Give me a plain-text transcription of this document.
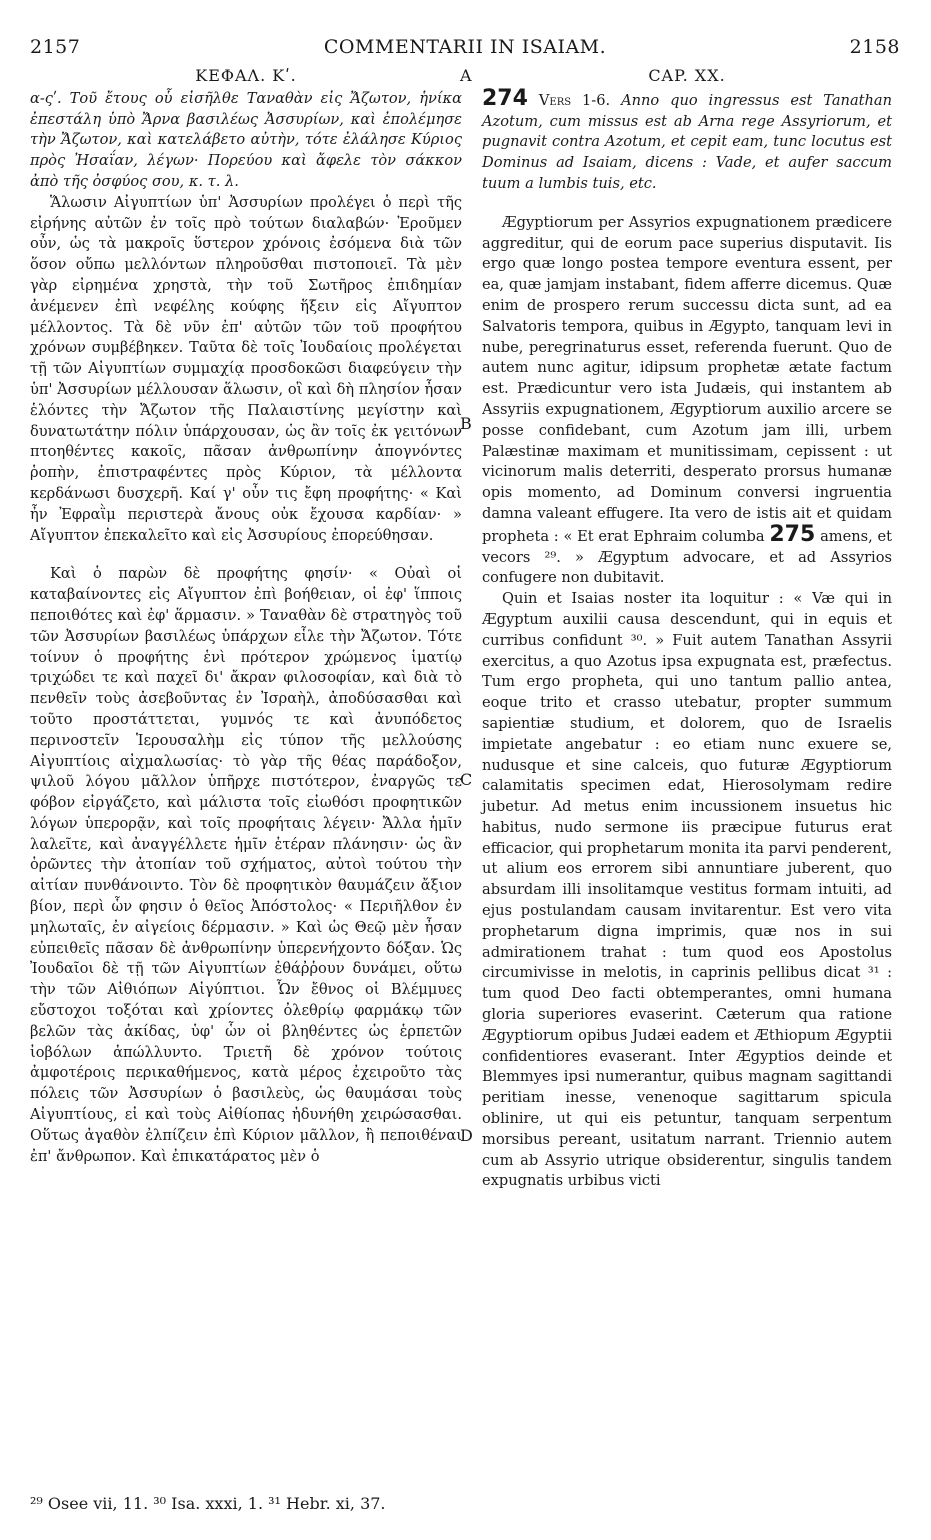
2157	COMMENTARII IN ISAIAM.	2158
ΚΕΦΑΛ. Κʹ.

α-ςʹ. Τοῦ ἔτους οὗ εἰσῆλθε Ταναθὰν εἰς Ἄζωτον, ἡνίκα ἐπεστάλη ὑπὸ Ἄρνα βασιλέως Ἀσσυρίων, καὶ ἐπολέμησε τὴν Ἄζωτον, καὶ κατελάβετο αὐτὴν, τότε ἐλάλησε Κύριος πρὸς Ἠσαΐαν, λέγων· Πορεύου καὶ ἄφελε τὸν σάκκον ἀπὸ τῆς ὀσφύος σου, κ. τ. λ.

Ἅλωσιν Αἰγυπτίων ὑπ' Ἀσσυρίων προλέγει ὁ περὶ τῆς εἰρήνης αὐτῶν ἐν τοῖς πρὸ τούτων διαλαβών· Ἐροῦμεν οὖν, ὡς τὰ μακροῖς ὕστερον χρόνοις ἐσόμενα διὰ τῶν ὅσον οὔπω μελλόντων πληροῦσθαι πιστοποιεῖ. Τὰ μὲν γὰρ εἰρημένα χρηστὰ, τὴν τοῦ Σωτῆρος ἐπιδημίαν ἀνέμενεν ἐπὶ νεφέλης κούφης ἥξειν εἰς Αἴγυπτον μέλλοντος. Τὰ δὲ νῦν ἐπ' αὐτῶν τῶν τοῦ προφήτου χρόνων συμβέβηκεν. Ταῦτα δὲ τοῖς Ἰουδαίοις προλέγεται τῇ τῶν Αἰγυπτίων συμμαχίᾳ προσδοκῶσι διαφεύγειν τὴν ὑπ' Ἀσσυρίων μέλλουσαν ἅλωσιν, οἳ καὶ δὴ πλησίον ἦσαν ἑλόντες τὴν Ἄζωτον τῆς Παλαιστίνης μεγίστην καὶ δυνατωτάτην πόλιν ὑπάρχουσαν, ὡς ἂν τοῖς ἐκ γειτόνων πτοηθέντες κακοῖς, πᾶσαν ἀνθρωπίνην ἀπογνόντες ῥοπὴν, ἐπιστραφέντες πρὸς Κύριον, τὰ μέλλοντα κερδάνωσι δυσχερῆ. Καί γ' οὖν τις ἔφη προφήτης· « Καὶ ἦν Ἐφραῒμ περιστερὰ ἄνους οὐκ ἔχουσα καρδίαν· » Αἴγυπτον ἐπεκαλεῖτο καὶ εἰς Ἀσσυρίους ἐπορεύθησαν.

Καὶ ὁ παρὼν δὲ προφήτης φησίν· « Οὐαὶ οἱ καταβαίνοντες εἰς Αἴγυπτον ἐπὶ βοήθειαν, οἱ ἐφ' ἵπποις πεποιθότες καὶ ἐφ' ἅρμασιν. » Ταναθὰν δὲ στρατηγὸς τοῦ τῶν Ἀσσυρίων βασιλέως ὑπάρχων εἷλε τὴν Ἄζωτον. Τότε τοίνυν ὁ προφήτης ἑνὶ πρότερον χρώμενος ἱματίῳ τριχώδει τε καὶ παχεῖ δι' ἄκραν φιλοσοφίαν, καὶ διὰ τὸ πενθεῖν τοὺς ἀσεβοῦντας ἐν Ἰσραὴλ, ἀποδύσασθαι καὶ τοῦτο προστάττεται, γυμνός τε καὶ ἀνυπόδετος περινοστεῖν Ἱερουσαλὴμ εἰς τύπον τῆς μελλούσης Αἰγυπτίοις αἰχμαλωσίας· τὸ γὰρ τῆς θέας παράδοξον, ψιλοῦ λόγου μᾶλλον ὑπῆρχε πιστότερον, ἐναργῶς τε φόβον εἰργάζετο, καὶ μάλιστα τοῖς εἰωθόσι προφητικῶν λόγων ὑπερορᾷν, καὶ τοῖς προφήταις λέγειν· Ἄλλα ἡμῖν λαλεῖτε, καὶ ἀναγγέλλετε ἡμῖν ἑτέραν πλάνησιν· ὡς ἂν ὁρῶντες τὴν ἀτοπίαν τοῦ σχήματος, αὐτοὶ τούτου τὴν αἰτίαν πυνθάνοιντο. Τὸν δὲ προφητικὸν θαυμάζειν ἄξιον βίον, περὶ ὧν φησιν ὁ θεῖος Ἀπόστολος· « Περιῆλθον ἐν μηλωταῖς, ἐν αἰγείοις δέρμασιν. » Καὶ ὡς Θεῷ μὲν ἦσαν εὐπειθεῖς πᾶσαν δὲ ἀνθρωπίνην ὑπερενήχοντο δόξαν. Ὡς Ἰουδαῖοι δὲ τῇ τῶν Αἰγυπτίων ἐθάῤῥουν δυνάμει, οὕτω τὴν τῶν Αἰθιόπων Αἰγύπτιοι. Ὧν ἔθνος οἱ Βλέμμυες εὔστοχοι τοξόται καὶ χρίοντες ὀλεθρίῳ φαρμάκῳ τῶν βελῶν τὰς ἀκίδας, ὑφ' ὧν οἱ βληθέντες ὡς ἑρπετῶν ἰοβόλων ἀπώλλυντο. Τριετῆ δὲ χρόνον τούτοις ἀμφοτέροις περικαθήμενος, κατὰ μέρος ἐχειροῦτο τὰς πόλεις τῶν Ἀσσυρίων ὁ βασιλεὺς, ὡς θαυμάσαι τοὺς Αἰγυπτίους, εἰ καὶ τοὺς Αἰθίοπας ἠδυνήθη χειρώσασθαι. Οὕτως ἀγαθὸν ἐλπίζειν ἐπὶ Κύριον μᾶλλον, ἢ πεποιθέναι ἐπ' ἄνθρωπον. Καὶ ἐπικατάρατος μὲν ὁ

A
B
C
D
CAP. XX.

274 Vers 1-6. Anno quo ingressus est Tanathan Azotum, cum missus est ab Arna rege Assyriorum, et pugnavit contra Azotum, et cepit eam, tunc locutus est Dominus ad Isaiam, dicens : Vade, et aufer saccum tuum a lumbis tuis, etc.

Ægyptiorum per Assyrios expugnationem prædicere aggreditur, qui de eorum pace superius disputavit. Iis ergo quæ longo postea tempore eventura essent, per ea, quæ jamjam instabant, fidem afferre dicemus. Quæ enim de prospero rerum successu dicta sunt, ad ea Salvatoris tempora, quibus in Ægypto, tanquam levi in nube, peregrinaturus esset, referenda fuerunt. Quo de autem nunc agitur, idipsum prophetæ ætate factum est. Prædicuntur vero ista Judæis, qui instantem ab Assyriis expugnationem, Ægyptiorum auxilio arcere se posse confidebant, cum Azotum jam illi, urbem Palæstinæ maximam et munitissimam, cepissent : ut vicinorum malis deterriti, desperato prorsus humanæ opis momento, ad Dominum conversi ingruentia damna valeant effugere. Ita vero de istis ait et quidam propheta : « Et erat Ephraim columba 275 amens, et vecors ²⁹. » Ægyptum advocare, et ad Assyrios confugere non dubitavit.

Quin et Isaias noster ita loquitur : « Væ qui in Ægyptum auxilii causa descendunt, qui in equis et curribus confidunt ³⁰. » Fuit autem Tanathan Assyrii exercitus, a quo Azotus ipsa expugnata est, præfectus. Tum ergo propheta, qui uno tantum pallio antea, eoque trito et crasso utebatur, propter summum sapientiæ studium, et dolorem, quo de Israelis impietate angebatur : eo etiam nunc exuere se, nudusque et sine calceis, quo futuræ Ægyptiorum calamitatis specimen edat, Hierosolymam redire jubetur. Ad metus enim incussionem insuetus hic habitus, nudo sermone iis præcipue futurus erat efficacior, qui prophetarum monita ita parvi penderent, ut alium eos errorem sibi annuntiare juberent, quo absurdam illi insolitamque vestitus formam intuiti, ad ejus postulandam causam invitarentur. Est vero vita prophetarum digna imprimis, quæ nos in sui admirationem trahat : tum quod eos Apostolus circumivisse in melotis, in caprinis pellibus dicat ³¹ : tum quod Deo facti obtemperantes, omni humana gloria superiores evaserint. Cæterum qua ratione Ægyptiorum opibus Judæi eadem et Æthiopum Ægyptii confidentiores evaserant. Inter Ægyptios deinde et Blemmyes ipsi numerantur, quibus magnam sagittandi peritiam inesse, venenoque sagittarum spicula oblinire, ut qui eis petuntur, tanquam serpentum morsibus pereant, usitatum narrant. Triennio autem cum ab Assyrio utrique obsiderentur, singulis tandem expugnatis urbibus victi

²⁹ Osee vii, 11. ³⁰ Isa. xxxi, 1. ³¹ Hebr. xi, 37.
